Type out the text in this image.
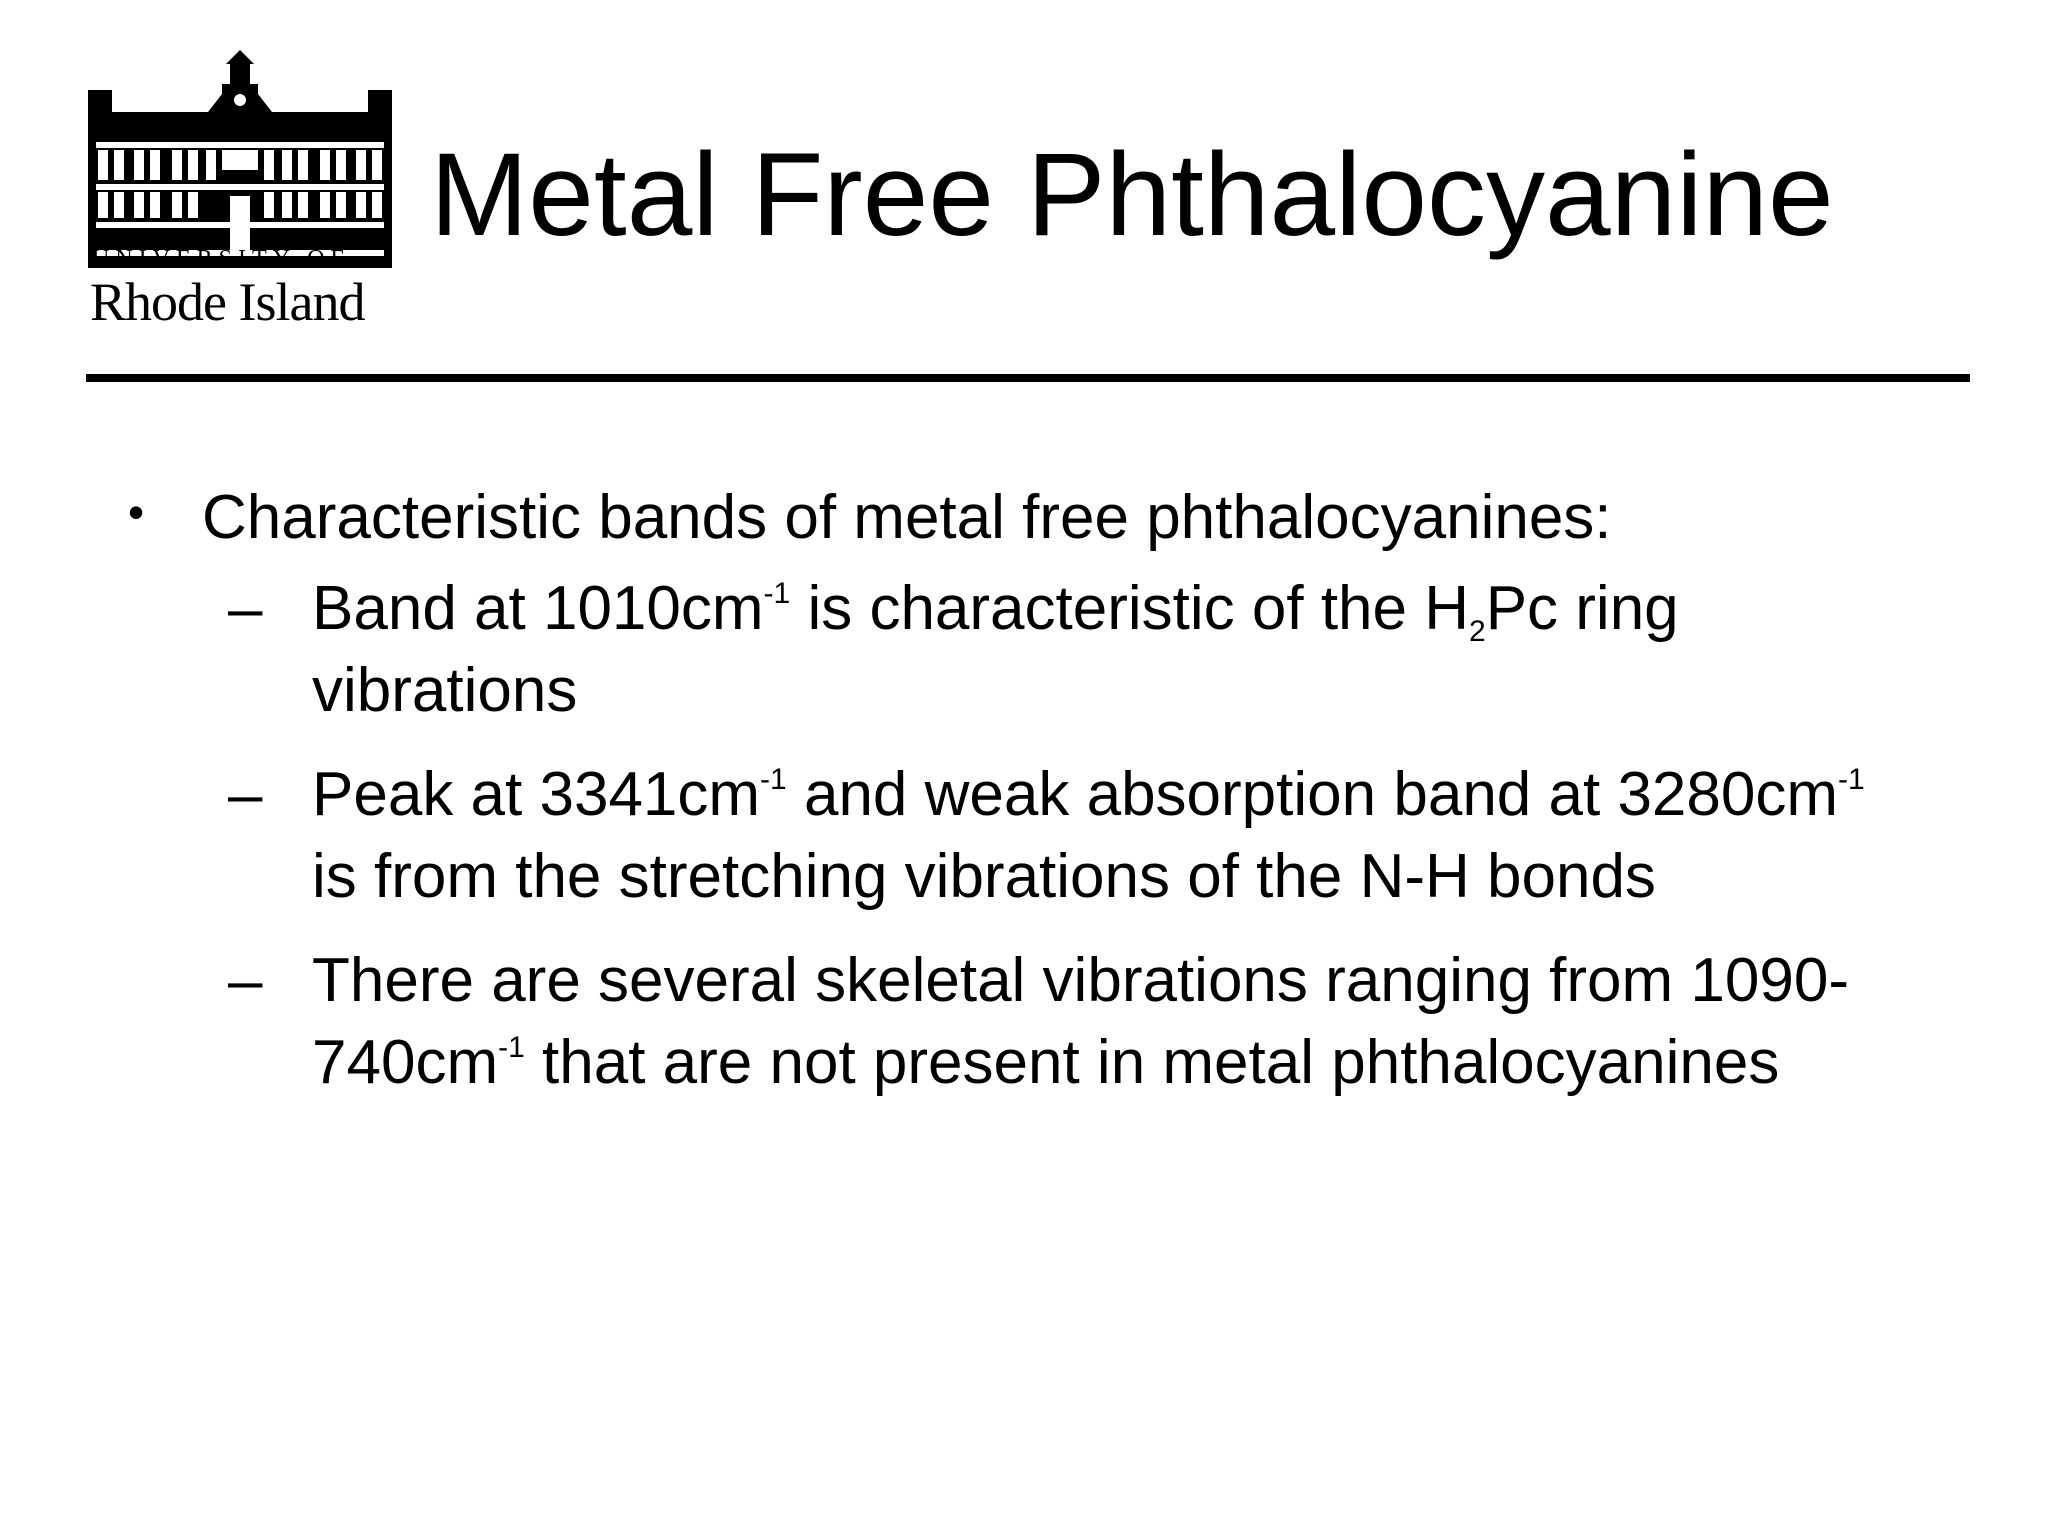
UNIVERSITY OF
Rhode Island
Metal Free Phthalocyanine
• Characteristic bands of metal free phthalocyanines:
– Band at $1010cm^{-1}$ is characteristic of the $H_2Pc$ ring vibrations
– Peak at $3341cm^{-1}$ and weak absorption band at $3280cm^{-1}$ is from the stretching vibrations of the N-H bonds
– There are several skeletal vibrations ranging from $1090-740cm^{-1}$ that are not present in metal phthalocyanines
